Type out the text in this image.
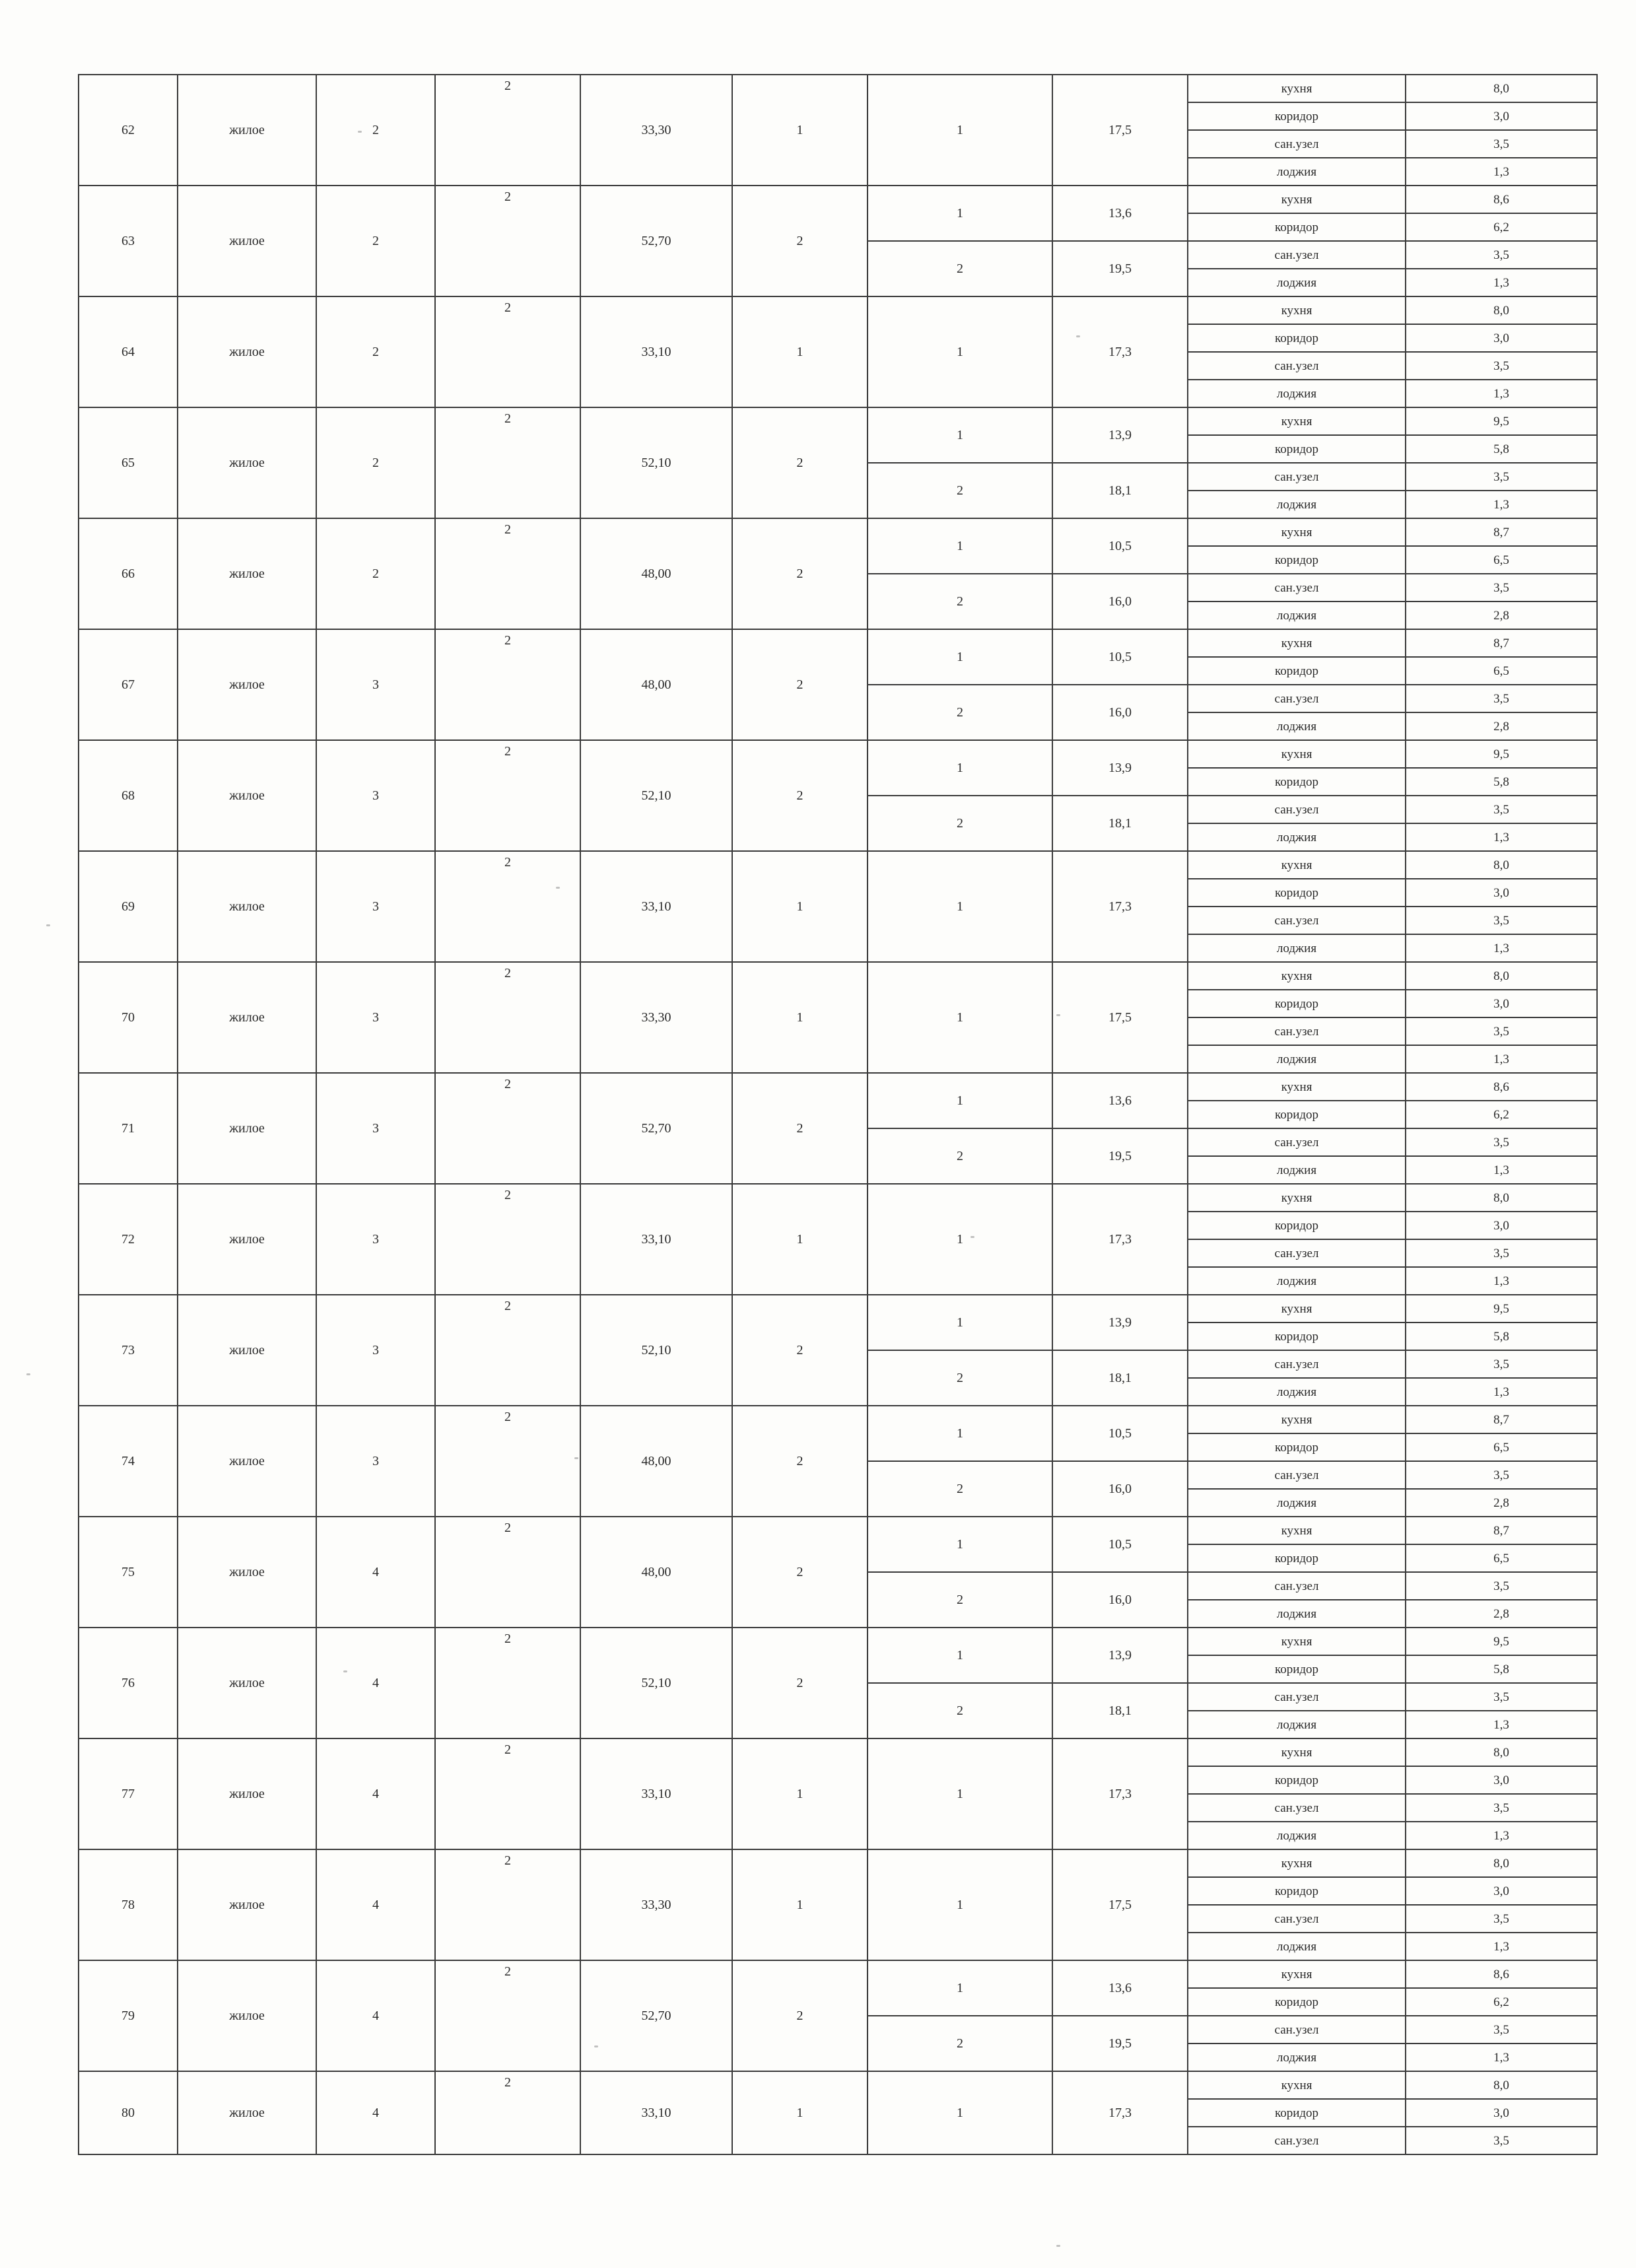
62	жилое	2	2	33,30	1	1	17,5	кухня	8,0
								коридор	3,0
								сан.узел	3,5
								лоджия	1,3
63	жилое	2	2	52,70	2	1	13,6	кухня	8,6
								коридор	6,2
						2	19,5	сан.узел	3,5
								лоджия	1,3
64	жилое	2	2	33,10	1	1	17,3	кухня	8,0
								коридор	3,0
								сан.узел	3,5
								лоджия	1,3
65	жилое	2	2	52,10	2	1	13,9	кухня	9,5
								коридор	5,8
						2	18,1	сан.узел	3,5
								лоджия	1,3
66	жилое	2	2	48,00	2	1	10,5	кухня	8,7
								коридор	6,5
						2	16,0	сан.узел	3,5
								лоджия	2,8
67	жилое	3	2	48,00	2	1	10,5	кухня	8,7
								коридор	6,5
						2	16,0	сан.узел	3,5
								лоджия	2,8
68	жилое	3	2	52,10	2	1	13,9	кухня	9,5
								коридор	5,8
						2	18,1	сан.узел	3,5
								лоджия	1,3
69	жилое	3	2	33,10	1	1	17,3	кухня	8,0
								коридор	3,0
								сан.узел	3,5
								лоджия	1,3
70	жилое	3	2	33,30	1	1	17,5	кухня	8,0
								коридор	3,0
								сан.узел	3,5
								лоджия	1,3
71	жилое	3	2	52,70	2	1	13,6	кухня	8,6
								коридор	6,2
						2	19,5	сан.узел	3,5
								лоджия	1,3
72	жилое	3	2	33,10	1	1	17,3	кухня	8,0
								коридор	3,0
								сан.узел	3,5
								лоджия	1,3
73	жилое	3	2	52,10	2	1	13,9	кухня	9,5
								коридор	5,8
						2	18,1	сан.узел	3,5
								лоджия	1,3
74	жилое	3	2	48,00	2	1	10,5	кухня	8,7
								коридор	6,5
						2	16,0	сан.узел	3,5
								лоджия	2,8
75	жилое	4	2	48,00	2	1	10,5	кухня	8,7
								коридор	6,5
						2	16,0	сан.узел	3,5
								лоджия	2,8
76	жилое	4	2	52,10	2	1	13,9	кухня	9,5
								коридор	5,8
						2	18,1	сан.узел	3,5
								лоджия	1,3
77	жилое	4	2	33,10	1	1	17,3	кухня	8,0
								коридор	3,0
								сан.узел	3,5
								лоджия	1,3
78	жилое	4	2	33,30	1	1	17,5	кухня	8,0
								коридор	3,0
								сан.узел	3,5
								лоджия	1,3
79	жилое	4	2	52,70	2	1	13,6	кухня	8,6
								коридор	6,2
						2	19,5	сан.узел	3,5
								лоджия	1,3
80	жилое	4	2	33,10	1	1	17,3	кухня	8,0
								коридор	3,0
								сан.узел	3,5
